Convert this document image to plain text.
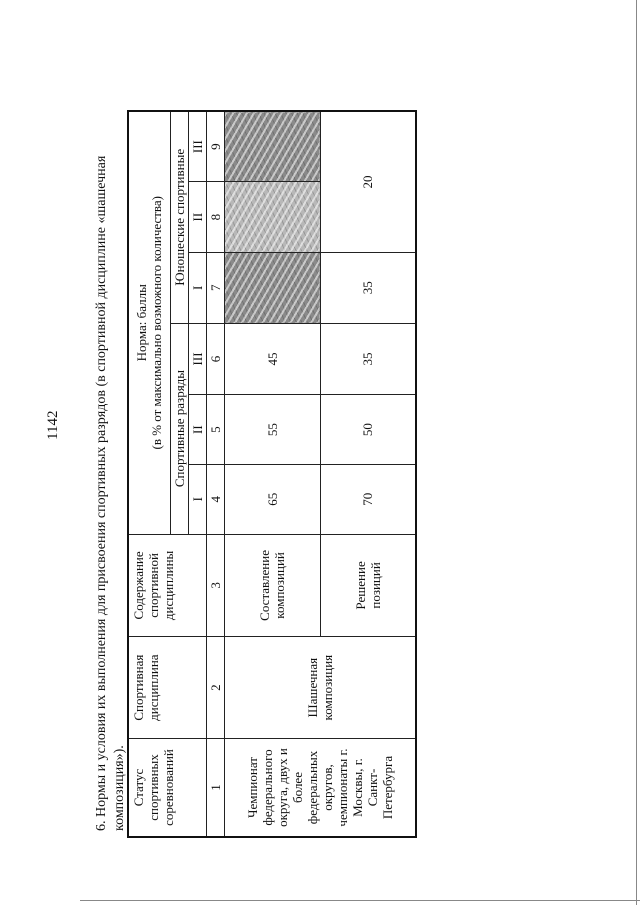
1142 6. Нормы и условия их выполнения для присвоения спортивных разрядов (в спортивной дисциплине «шашечная композиция»). Статус спортивных соревнований	Спортивная дисциплина	Содержание спортивной дисциплины	Норма: баллы (в % от максимально возможного количества)					

			Спортивные разряды			Юношеские спортивные		
			I	II	III	I	II	III
1	2	3	4	5	6	7	8	9
Чемпионат федерального округа, двух и более федеральных округов, чемпионаты г. Москвы, г. Санкт-Петербурга	Шашечная композиция	Составление композиций	65	55	45			
		Решение позиций	70	50	35	35	20	
